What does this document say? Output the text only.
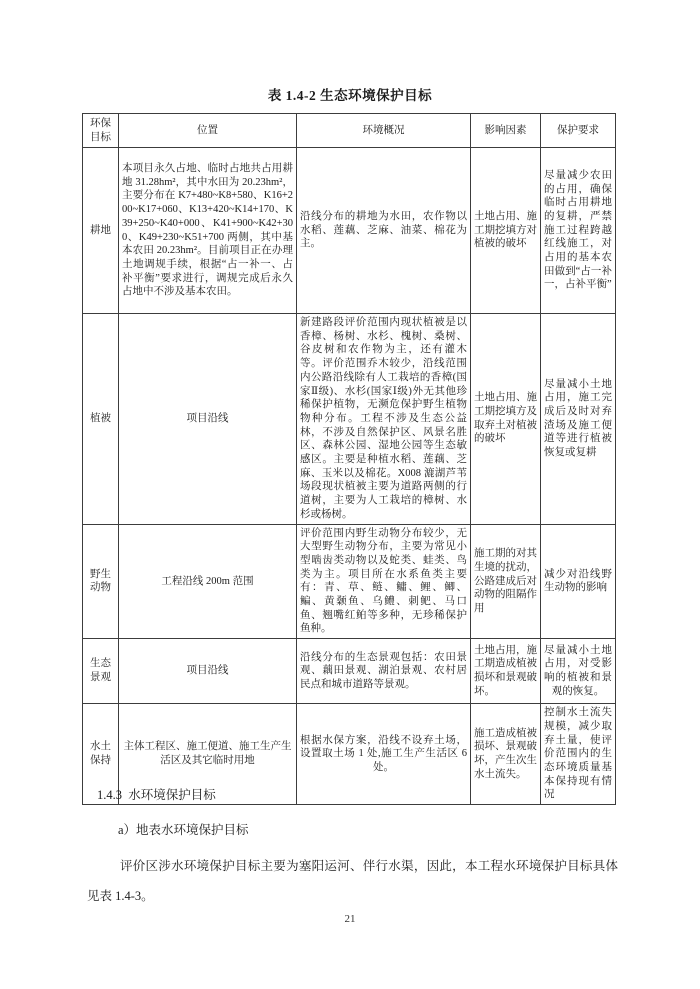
表 1.4-2 生态环境保护目标
环保目标	位置	环境概况	影响因素	保护要求
耕地	本项目永久占地、临时占地共占用耕地 31.28hm²，其中水田为 20.23hm²，主要分布在 K7+480~K8+580、K16+200~K17+060、K13+420~K14+170、K39+250~K40+000、K41+900~K42+300、K49+230~K51+700 两侧，其中基本农田 20.23hm²。目前项目正在办理土地调规手续，根据“占一补一、占补平衡”要求进行，调规完成后永久占地中不涉及基本农田。	沿线分布的耕地为水田，农作物以水稻、莲藕、芝麻、油菜、棉花为主。	土地占用、施工期挖填方对植被的破坏	尽量减少农田的占用，确保临时占用耕地的复耕，严禁施工过程跨越红线施工，对占用的基本农田做到“占一补一，占补平衡”
植被	项目沿线	新建路段评价范围内现状植被是以香樟、杨树、水杉、槐树、桑树、谷皮树和农作物为主，还有灌木等。评价范围乔木较少，沿线范围内公路沿线除有人工栽培的香樟(国家Ⅱ级)、水杉(国家Ⅰ级)外无其他珍稀保护植物，无濒危保护野生植物物种分布。工程不涉及生态公益林，不涉及自然保护区、风景名胜区、森林公园、湿地公园等生态敏感区。主要是种植水稻、莲藕、芝麻、玉米以及棉花。X008 漉湖芦苇场段现状植被主要为道路两侧的行道树，主要为人工栽培的樟树、水杉或杨树。	土地占用、施工期挖填方及取弃土对植被的破坏	尽量减小土地占用，施工完成后及时对弃渣场及施工便道等进行植被恢复或复耕
野生动物	工程沿线 200m 范围	评价范围内野生动物分布较少，无大型野生动物分布，主要为常见小型啮齿类动物以及蛇类、蛙类、鸟类为主。项目所在水系鱼类主要有：青、草、鲢、鳙、鲤、鲫、鳊、黄颡鱼、乌鳢、刺鲃、马口鱼、翘嘴红鲌等多种，无珍稀保护鱼种。	施工期的对其生境的扰动，公路建成后对动物的阻隔作用	减少对沿线野生动物的影响
生态景观	项目沿线	沿线分布的生态景观包括：农田景观、藕田景观、湖泊景观、农村居民点和城市道路等景观。	土地占用，施工期造成植被损坏和景观破坏。	尽量减小土地占用，对受影响的植被和景观的恢复。
水土保持	主体工程区、施工便道、施工生产生活区及其它临时用地	根据水保方案，沿线不设弃土场，设置取土场 1 处,施工生产生活区 6 处。	施工造成植被损坏、景观破坏，产生次生水土流失。	控制水土流失规模，减少取弃土量，使评价范围内的生态环境质量基本保持现有情况
1.4.3  水环境保护目标
a）地表水环境保护目标
评价区涉水环境保护目标主要为塞阳运河、伴行水渠，因此，本工程水环境保护目标具体见表 1.4-3。
21
